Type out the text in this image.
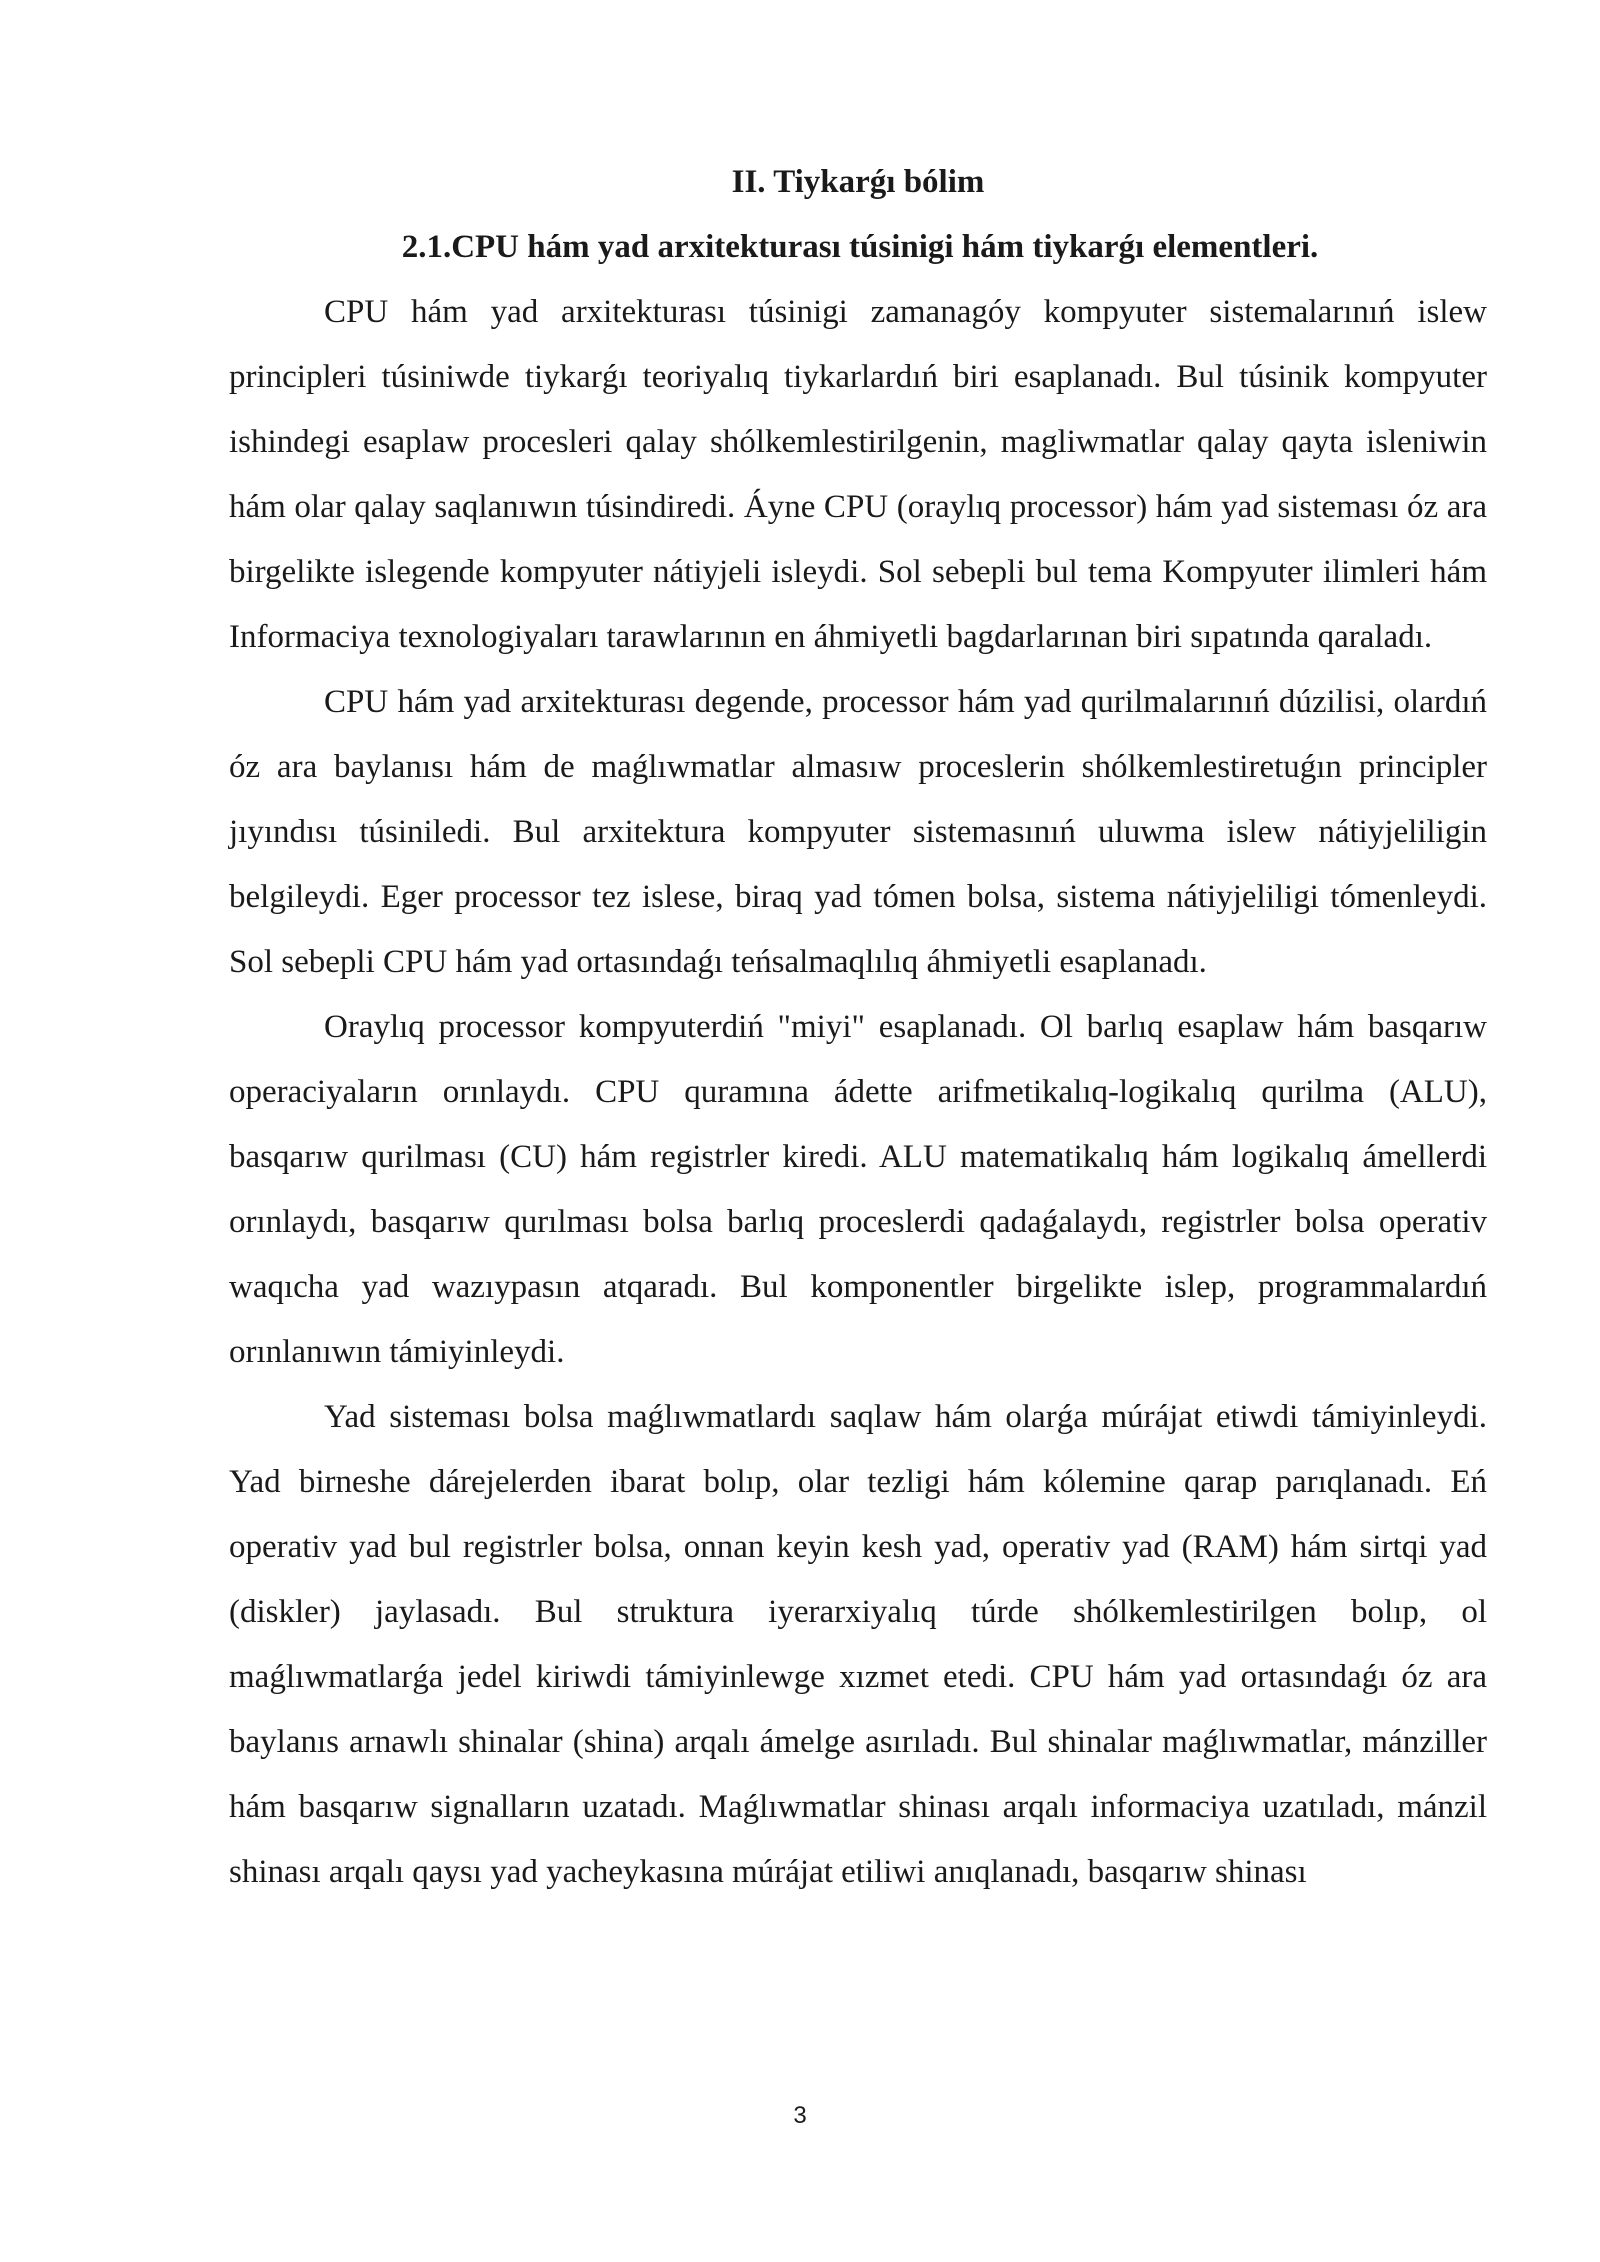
II. Tiykarǵı bólim
2.1.CPU hám yad arxitekturası túsinigi hám tiykarǵı elementleri.

CPU hám yad arxitekturası túsinigi zamanagóy kompyuter sistemalarınıń islew principleri túsiniwde tiykarǵı teoriyalıq tiykarlardıń biri esaplanadı. Bul túsinik kompyuter ishindegi esaplaw procesleri qalay shólkemlestirilgenin, magliwmatlar qalay qayta isleniwin hám olar qalay saqlanıwın túsindiredi. Áyne CPU (oraylıq processor) hám yad sisteması óz ara birgelikte islegende kompyuter nátiyjeli isleydi. Sol sebepli bul tema Kompyuter ilimleri hám Informaciya texnologiyaları tarawlarının en áhmiyetli bagdarlarınan biri sıpatında qaraladı.

CPU hám yad arxitekturası degende, processor hám yad qurilmalarınıń dúzilisi, olardıń óz ara baylanısı hám de maǵlıwmatlar almasıw proceslerin shólkemlestiretuǵın principler jıyındısı túsiniledi. Bul arxitektura kompyuter sistemasınıń uluwma islew nátiyjeliligin belgileydi. Eger processor tez islese, biraq yad tómen bolsa, sistema nátiyjeliligi tómenleydi. Sol sebepli CPU hám yad ortasındaǵı teńsalmaqlılıq áhmiyetli esaplanadı.

Oraylıq processor kompyuterdiń "miyi" esaplanadı. Ol barlıq esaplaw hám basqarıw operaciyaların orınlaydı. CPU quramına ádette arifmetikalıq-logikalıq qurilma (ALU), basqarıw qurilması (CU) hám registrler kiredi. ALU matematikalıq hám logikalıq ámellerdi orınlaydı, basqarıw qurılması bolsa barlıq proceslerdi qadaǵalaydı, registrler bolsa operativ waqıcha yad wazıypasın atqaradı. Bul komponentler birgelikte islep, programmalardıń orınlanıwın támiyinleydi.

Yad sisteması bolsa maǵlıwmatlardı saqlaw hám olarǵa múrájat etiwdi támiyinleydi. Yad birneshe dárejelerden ibarat bolıp, olar tezligi hám kólemine qarap parıqlanadı. Eń operativ yad bul registrler bolsa, onnan keyin kesh yad, operativ yad (RAM) hám sirtqi yad (diskler) jaylasadı. Bul struktura iyerarxiyalıq túrde shólkemlestirilgen bolıp, ol maǵlıwmatlarǵa jedel kiriwdi támiyinlewge xızmet etedi. CPU hám yad ortasındaǵı óz ara baylanıs arnawlı shinalar (shina) arqalı ámelge asırıladı. Bul shinalar maǵlıwmatlar, mánziller hám basqarıw signalların uzatadı. Maǵlıwmatlar shinası arqalı informaciya uzatıladı, mánzil shinası arqalı qaysı yad yacheykasına múrájat etiliwi anıqlanadı, basqarıw shinası

3
